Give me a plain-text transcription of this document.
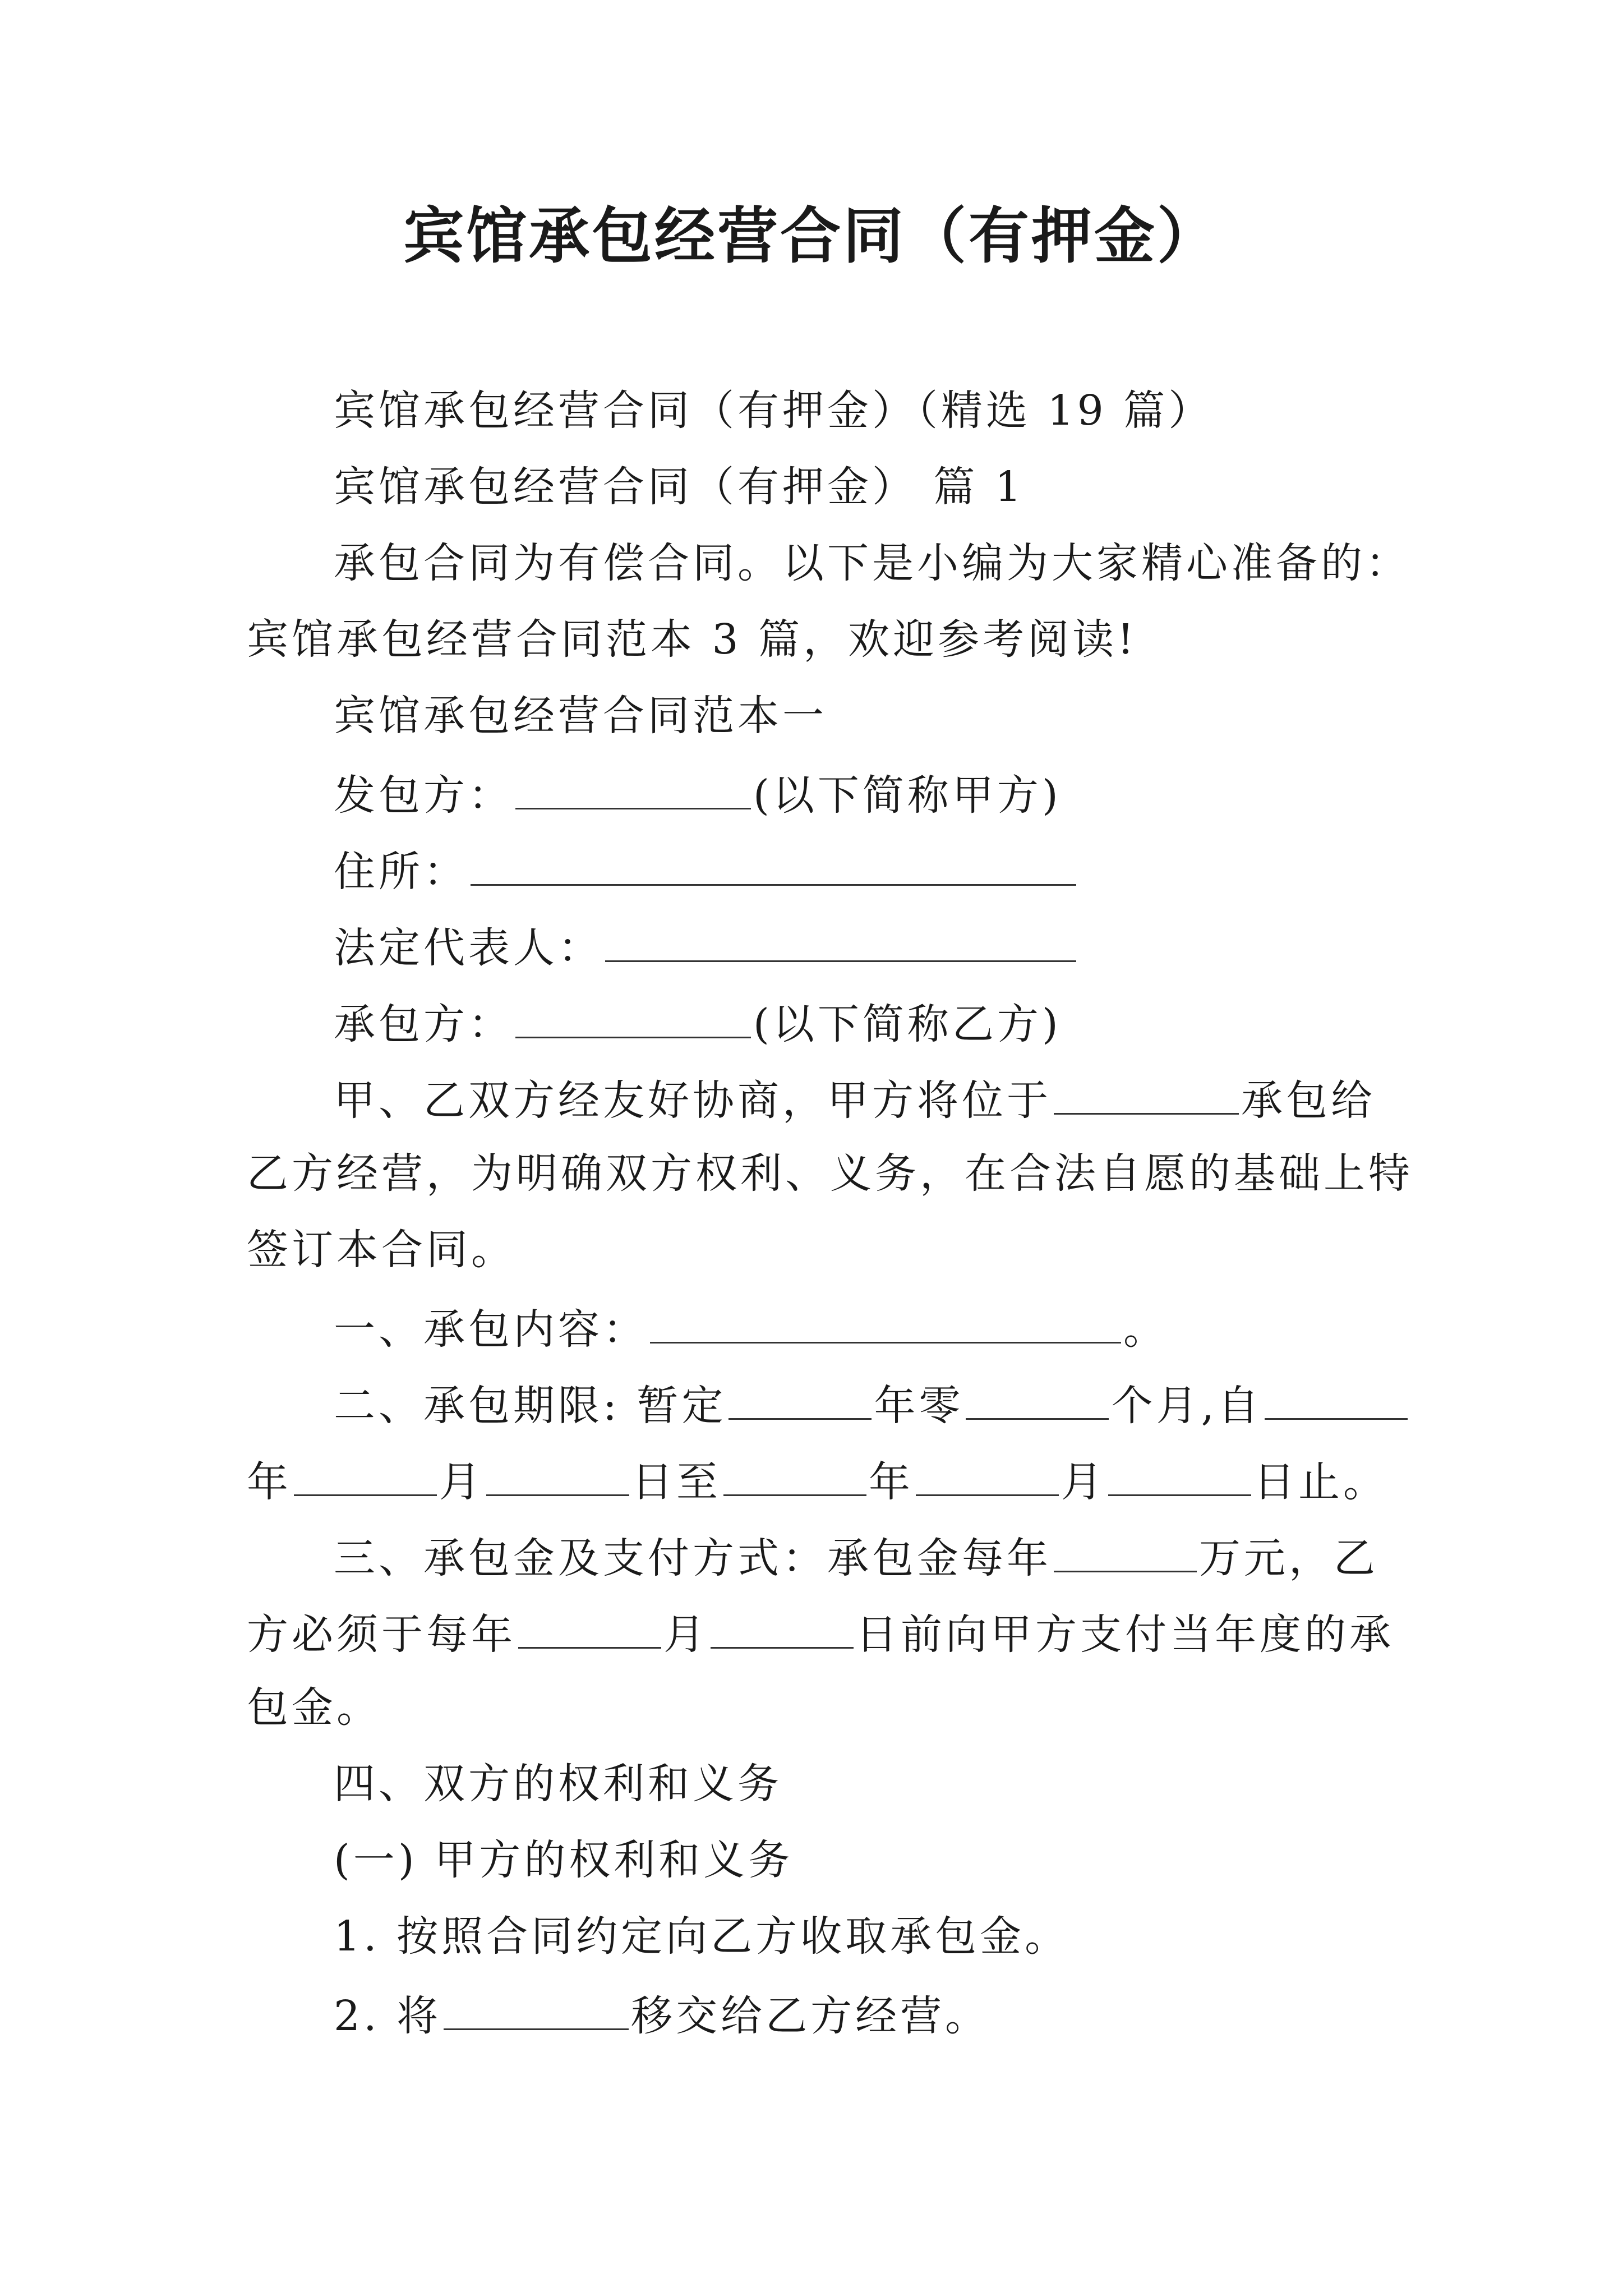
宾馆承包经营合同（有押金）
宾馆承包经营合同（有押金）（精选 19 篇）
宾馆承包经营合同（有押金） 篇 1
承包合同为有偿合同。以下是小编为大家精心准备的：
宾馆承包经营合同范本 3 篇，欢迎参考阅读!
宾馆承包经营合同范本一
发包方：	(以下简称甲方)
住所：
法定代表人：
承包方：	(以下简称乙方)
甲、乙双方经友好协商，甲方将位于	承包给
乙方经营，为明确双方权利、义务，在合法自愿的基础上特
签订本合同。
一、承包内容：	。
二、承包期限: 暂定	年零	个月,自
年	月	日至	年	月	日止。
三、承包金及支付方式：承包金每年	万元，乙
方必须于每年	月	日前向甲方支付当年度的承
包金。
四、双方的权利和义务
(一) 甲方的权利和义务
1. 按照合同约定向乙方收取承包金。
2. 将	移交给乙方经营。
